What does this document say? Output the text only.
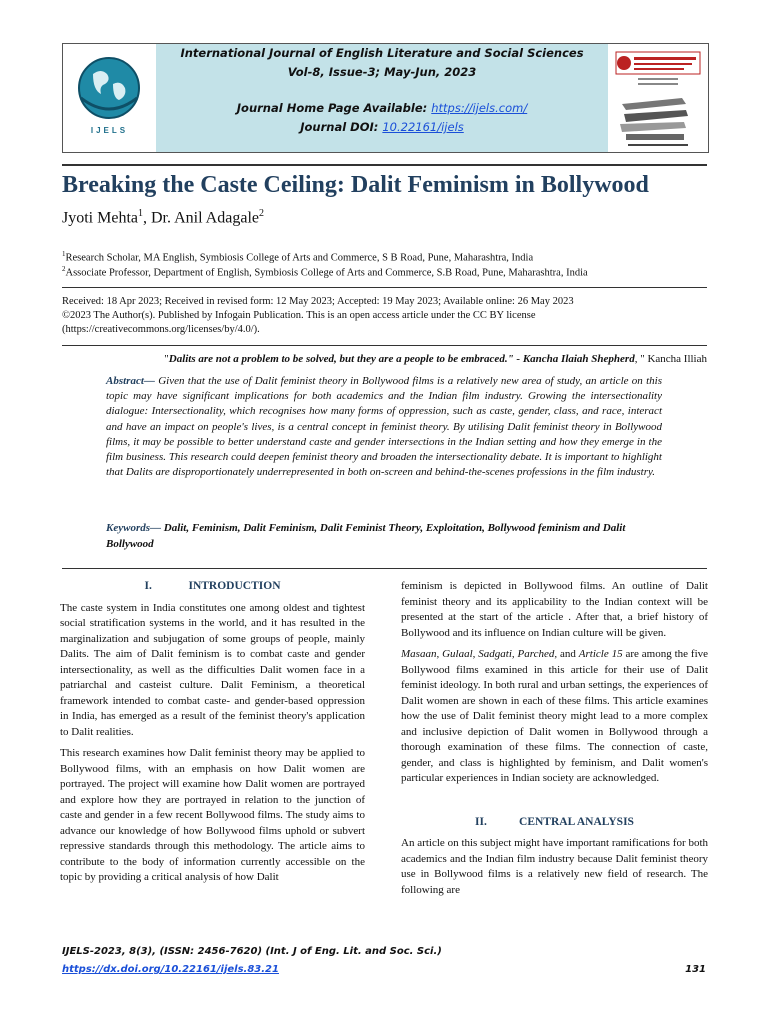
IJELS
International Journal of English Literature and Social Sciences
Vol-8, Issue-3; May-Jun, 2023
Journal Home Page Available: https://ijels.com/
Journal DOI: 10.22161/ijels
Breaking the Caste Ceiling: Dalit Feminism in Bollywood
Jyoti Mehta$^1$, Dr. Anil Adagale$^2$
$^1$Research Scholar, MA English, Symbiosis College of Arts and Commerce, S B Road, Pune, Maharashtra, India
$^2$Associate Professor, Department of English, Symbiosis College of Arts and Commerce, S.B Road, Pune, Maharashtra, India
Received: 18 Apr 2023; Received in revised form: 12 May 2023; Accepted: 19 May 2023; Available online: 26 May 2023
©2023 The Author(s). Published by Infogain Publication. This is an open access article under the CC BY license
(https://creativecommons.org/licenses/by/4.0/).
"Dalits are not a problem to be solved, but they are a people to be embraced." - Kancha Ilaiah Shepherd, " Kancha Illiah
Abstract— Given that the use of Dalit feminist theory in Bollywood films is a relatively new area of study, an article on this topic may have significant implications for both academics and the Indian film industry. Growing the intersectionality dialogue: Intersectionality, which recognises how many forms of oppression, such as caste, gender, class, and race, interact and have an impact on people's lives, is a central concept in feminist theory. By utilising Dalit feminist theory in Bollywood films, it may be possible to better understand caste and gender intersections in the Indian setting and how they emerge in the film business. This research could deepen feminist theory and broaden the intersectionality debate. It is important to highlight that Dalits are disproportionately underrepresented in both on-screen and behind-the-scenes professions in the film industry.
Keywords— Dalit, Feminism, Dalit Feminism, Dalit Feminist Theory, Exploitation, Bollywood feminism and Dalit Bollywood
I.	INTRODUCTION

The caste system in India constitutes one among oldest and tightest social stratification systems in the world, and it has resulted in the marginalization and subjugation of some groups of people, mainly Dalits. The aim of Dalit feminism is to combat caste and gender intersectionality, as well as the difficulties Dalit women face in a patriarchal and casteist culture. Dalit Feminism, a theoretical framework intended to combat caste- and gender-based oppression in India, has emerged as a result of the feminist theory's application to Dalit realities.

This research examines how Dalit feminist theory may be applied to Bollywood films, with an emphasis on how Dalit women are portrayed. The project will examine how Dalit women are portrayed and explore how they are portrayed in relation to the junction of caste and gender in a few recent Bollywood films. The study aims to advance our knowledge of how Bollywood films uphold or subvert repressive standards through this methodology. The article aims to contribute to the body of information currently accessible on the topic by providing a critical analysis of how Dalit

feminism is depicted in Bollywood films. An outline of Dalit feminist theory and its applicability to the Indian context will be presented at the start of the article . After that, a brief history of Bollywood and its influence on Indian culture will be given.

Masaan, Gulaal, Sadgati, Parched, and Article 15 are among the five Bollywood films examined in this article for their use of Dalit feminist ideology. In both rural and urban settings, the experiences of Dalit women are shown in each of these films. This article examines how the use of Dalit feminist theory might lead to a more complex and inclusive depiction of Dalit women in Bollywood through a thorough examination of these films. The connection of caste, gender, and class is highlighted by feminism, and Dalit women's particular experiences in Indian society are acknowledged.

II.	CENTRAL ANALYSIS

An article on this subject might have important ramifications for both academics and the Indian film industry because Dalit feminist theory use in Bollywood films is a relatively new field of research. The following are

IJELS-2023, 8(3), (ISSN: 2456-7620) (Int. J of Eng. Lit. and Soc. Sci.)
https://dx.doi.org/10.22161/ijels.83.21	131
